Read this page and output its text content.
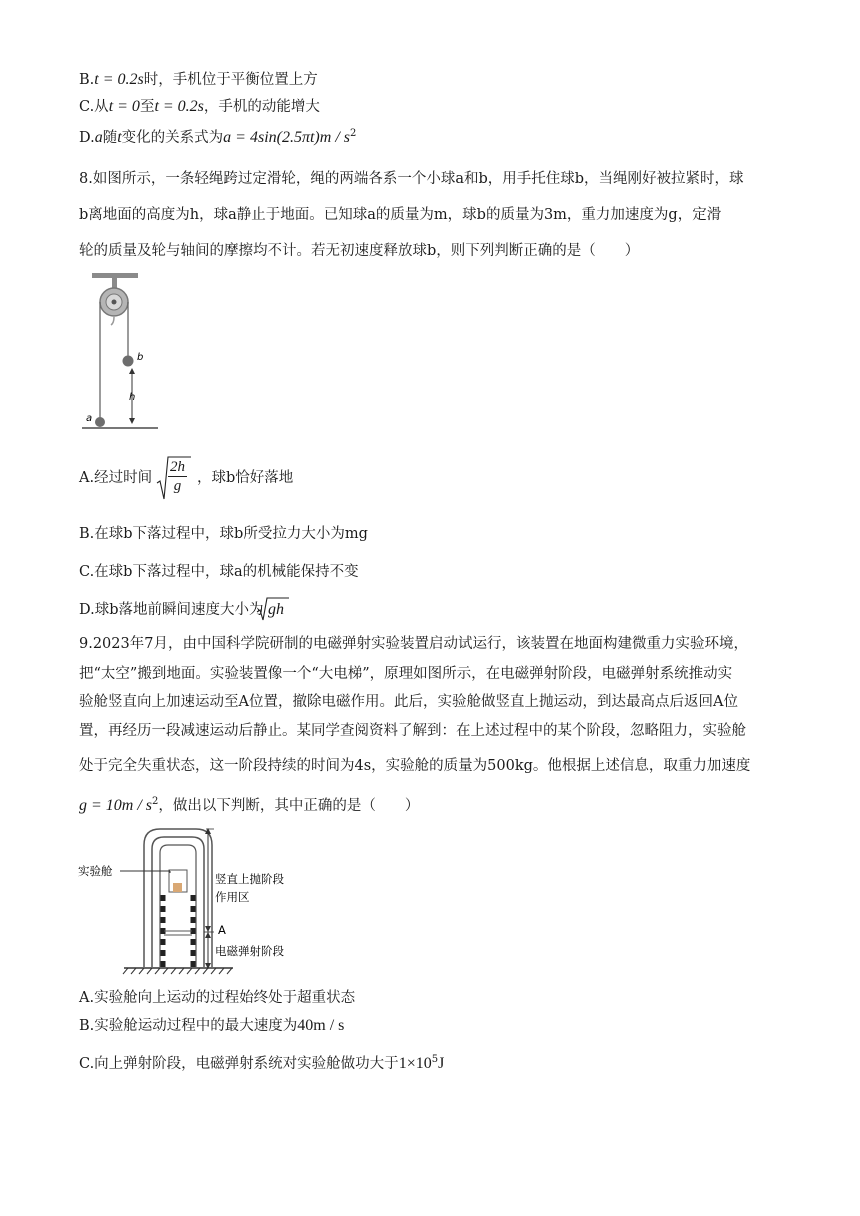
B.t = 0.2s时，手机位于平衡位置上方
C.从t = 0至t = 0.2s，手机的动能增大
D.a随t变化的关系式为$a = 4\sin(2.5\pi t)m / s^2$
8.如图所示，一条轻绳跨过定滑轮，绳的两端各系一个小球a和b，用手托住球b，当绳刚好被拉紧时，球
b离地面的高度为h，球a静止于地面。已知球a的质量为m，球b的质量为3m，重力加速度为g，定滑
轮的质量及轮与轴间的摩擦均不计。若无初速度释放球b，则下列判断正确的是（　　）
b
h
a
A.经过时间 $\frac{2h}{g}$ ，球b恰好落地
B.在球b下落过程中，球b所受拉力大小为mg
C.在球b下落过程中，球a的机械能保持不变
D.球b落地前瞬间速度大小为 gh
9.2023年7月，由中国科学院研制的电磁弹射实验装置启动试运行，该装置在地面构建微重力实验环境，
把“太空”搬到地面。实验装置像一个“大电梯”，原理如图所示，在电磁弹射阶段，电磁弹射系统推动实
验舱竖直向上加速运动至A位置，撤除电磁作用。此后，实验舱做竖直上抛运动，到达最高点后返回A位
置，再经历一段减速运动后静止。某同学查阅资料了解到：在上述过程中的某个阶段，忽略阻力，实验舱
处于完全失重状态，这一阶段持续的时间为4s，实验舱的质量为500kg。他根据上述信息，取重力加速度
$g = 10m / s^2$，做出以下判断，其中正确的是（　　）
实验舱
竖直上抛阶段
作用区
A
电磁弹射阶段
A.实验舱向上运动的过程始终处于超重状态
B.实验舱运动过程中的最大速度为40m / s
C.向上弹射阶段，电磁弹射系统对实验舱做功大于$1\times 10^5J$
